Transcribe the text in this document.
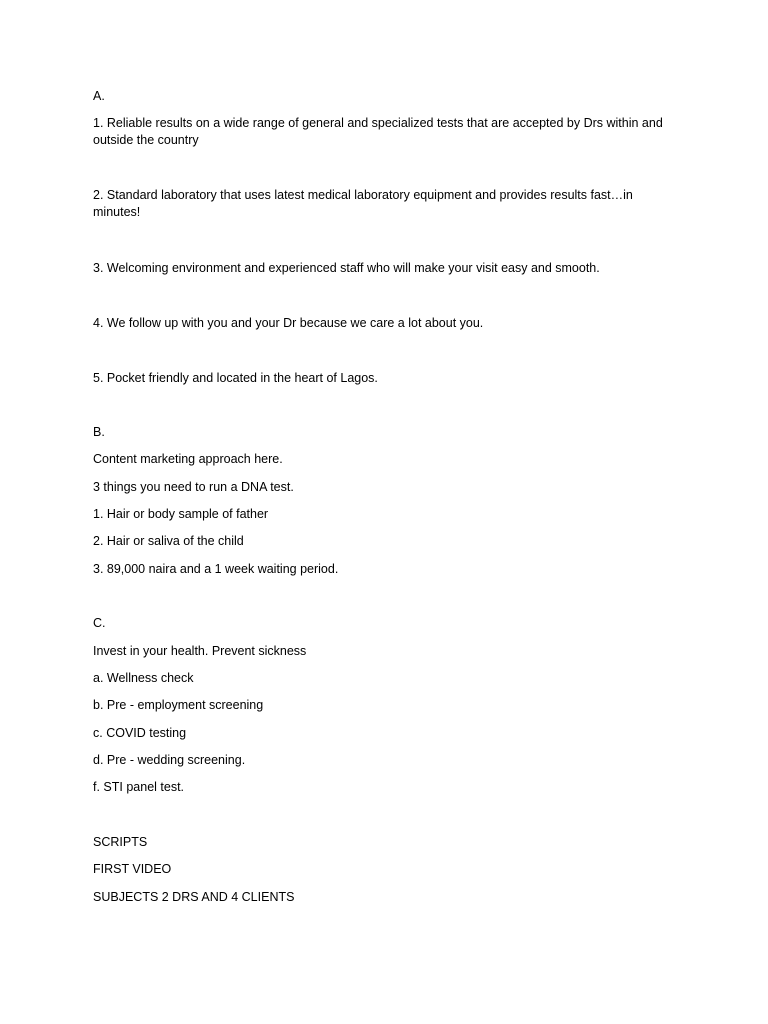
A.
1. Reliable results on a wide range of general and specialized tests that are accepted by Drs within and outside the country
2. Standard laboratory that uses latest medical laboratory equipment and provides results fast…in minutes!
3. Welcoming environment and experienced staff who will make your visit easy and smooth.
4. We follow up with you and your Dr because we care a lot about you.
5. Pocket friendly and located in the heart of Lagos.
B.
Content marketing approach here.
3 things you need to run a DNA test.
1. Hair or body sample of father
2. Hair or saliva of the child
3. 89,000 naira and a 1 week waiting period.
C.
Invest in your health. Prevent sickness
a. Wellness check
b. Pre - employment screening
c. COVID testing
d. Pre - wedding screening.
f. STI panel test.
SCRIPTS
FIRST VIDEO
SUBJECTS 2 DRS AND 4 CLIENTS
